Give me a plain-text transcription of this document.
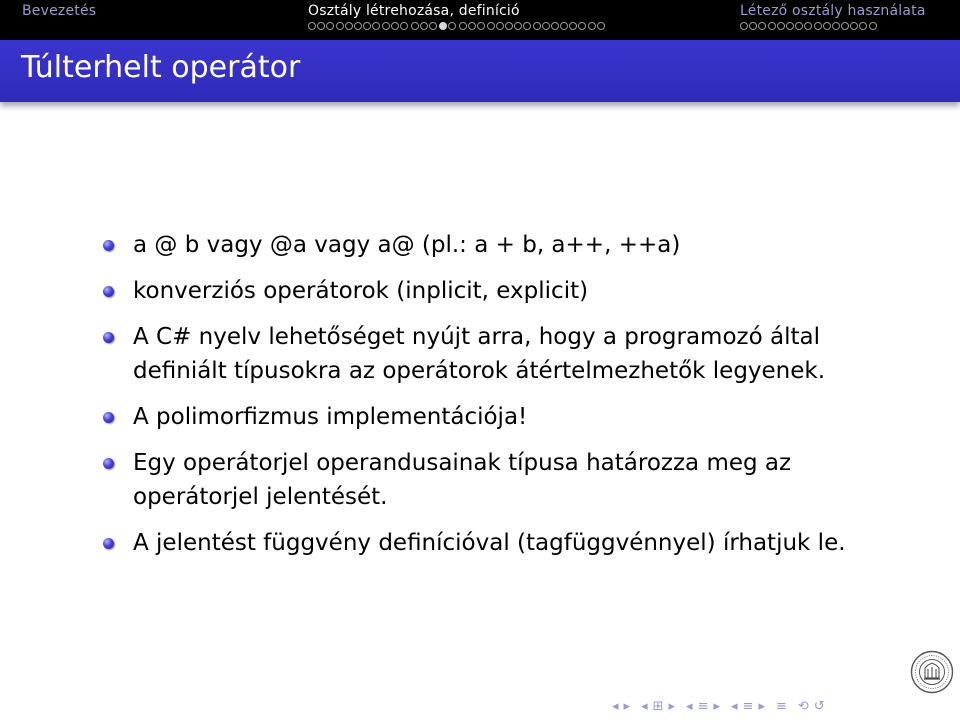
Bevezetés	Osztály létrehozása, definíció	Létező osztály használata
Túlterhelt operátor
a @ b vagy @a vagy a@ (pl.: a + b, a++, ++a)
konverziós operátorok (inplicit, explicit)
A C# nyelv lehetőséget nyújt arra, hogy a programozó által
definiált típusokra az operátorok átértelmezhetők legyenek.
A polimorfizmus implementációja!
Egy operátorjel operandusainak típusa határozza meg az
operátorjel jelentését.
A jelentést függvény definícióval (tagfüggvénnyel) írhatjuk le.
◂ ▸ ◂ ⊞ ▸ ◂ ≡ ▸ ◂ ≡ ▸ ≡ ⟲ ↺
